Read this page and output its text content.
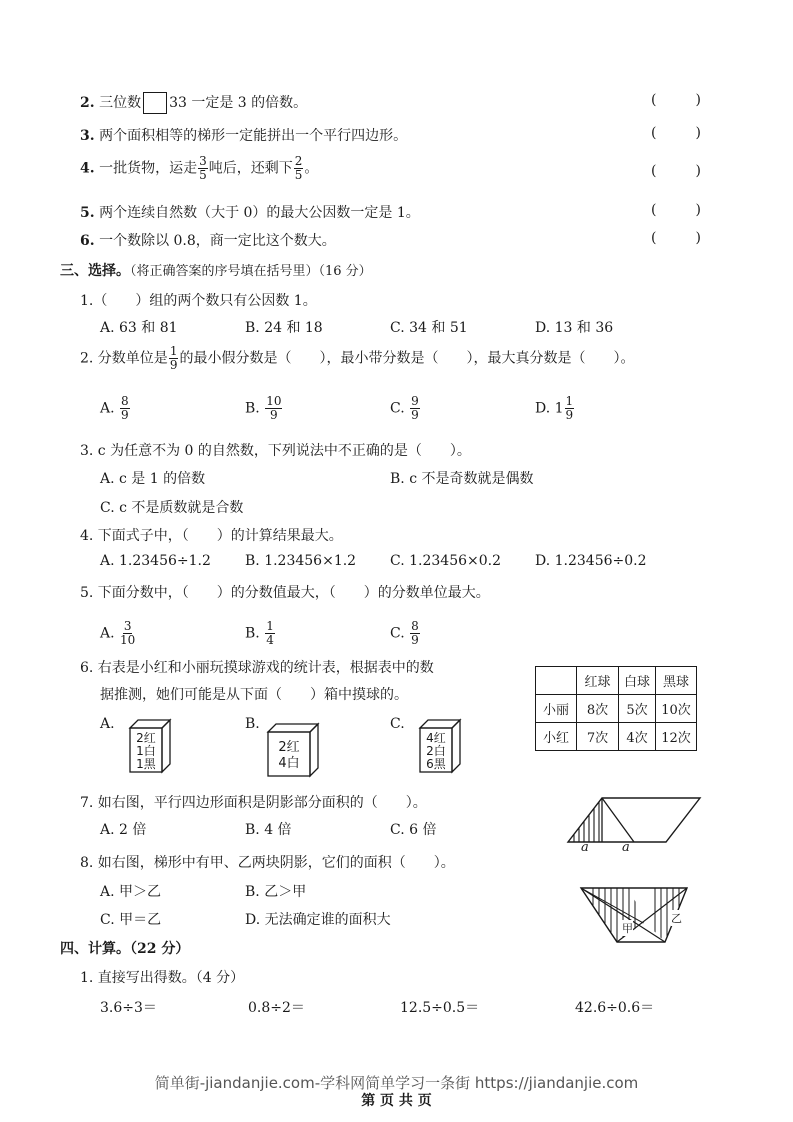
2. 三位数 33 一定是 3 的倍数。	(	)
3. 两个面积相等的梯形一定能拼出一个平行四边形。	(	)
4. 一批货物，运走 $\frac{3}{5}$ 吨后，还剩下 $\frac{2}{5}$ 。	(	)
5. 两个连续自然数（大于 0）的最大公因数一定是 1。	(	)
6. 一个数除以 0.8，商一定比这个数大。	(	)
三、选择。（将正确答案的序号填在括号里）（16 分）
1.（　　）组的两个数只有公因数 1。
A. 63 和 81	B. 24 和 18	C. 34 和 51	D. 13 和 36
2. 分数单位是 $\frac{1}{9}$ 的最小假分数是（　　），最小带分数是（　　），最大真分数是（　　）。
A. $\frac{8}{9}$	B. $\frac{10}{9}$	C. $\frac{9}{9}$	D. $1 \frac{1}{9}$
3. c 为任意不为 0 的自然数，下列说法中不正确的是（　　）。
A. c 是 1 的倍数	B. c 不是奇数就是偶数
C. c 不是质数就是合数
4. 下面式子中，（　　）的计算结果最大。
A. 1.23456÷1.2 B. 1.23456×1.2 C. 1.23456×0.2 D. 1.23456÷0.2
5. 下面分数中，（　　）的分数值最大，（　　）的分数单位最大。
A. $\frac{3}{10}$	B. $\frac{1}{4}$	C. $\frac{8}{9}$
6. 右表是小红和小丽玩摸球游戏的统计表，根据表中的数
据推测，她们可能是从下面（　　）箱中摸球的。
	红球	白球	黑球
小丽	8次	5次	10次
小红	7次	4次	12次
A.	B.	C.
2红
1白
1黑
2红
4白
4红
2白
6黑
7. 如右图，平行四边形面积是阴影部分面积的（　　）。
A. 2 倍	B. 4 倍	C. 6 倍
a	a
8. 如右图，梯形中有甲、乙两块阴影，它们的面积（　　）。
A. 甲＞乙	B. 乙＞甲
C. 甲＝乙	D. 无法确定谁的面积大
甲
乙
四、计算。（22 分）
1. 直接写出得数。（4 分）
3.6÷3＝	0.8÷2＝	12.5÷0.5＝	42.6÷0.6＝
简单街-jiandanjie.com-学科网简单学习一条街 https://jiandanjie.com
第 页 共 页
